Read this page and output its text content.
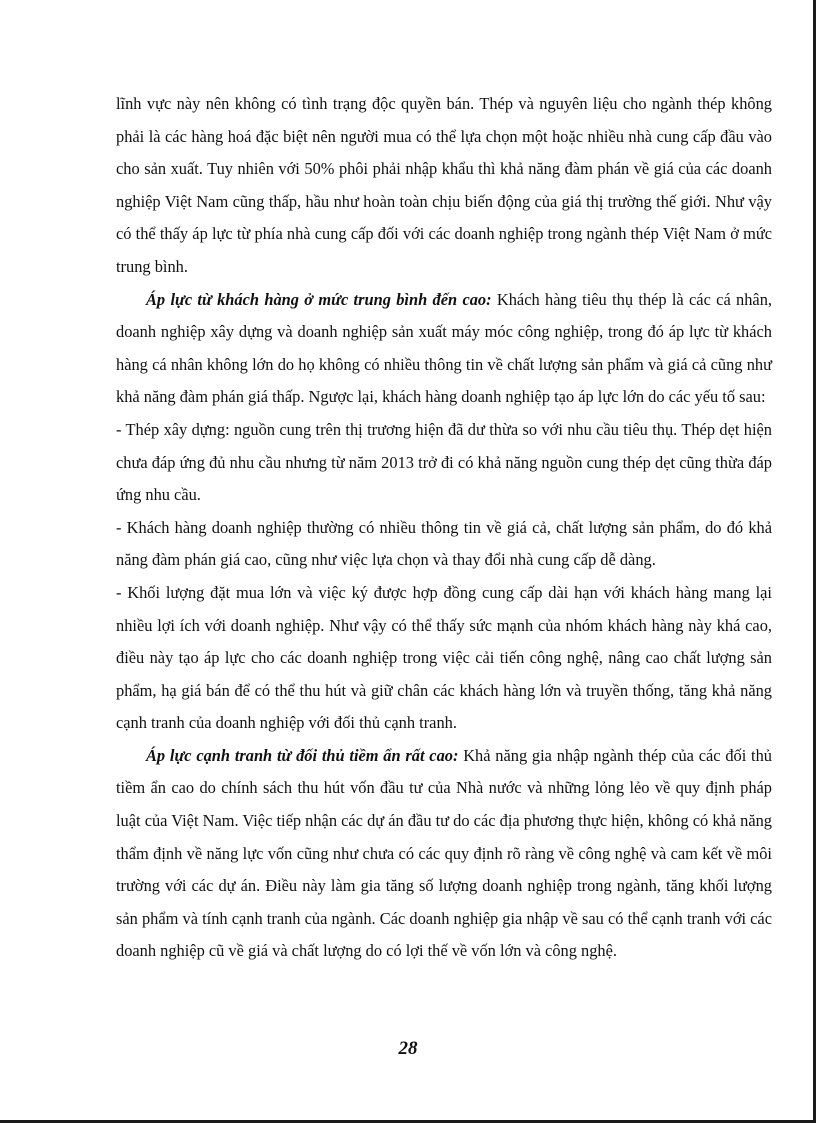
lĩnh vực này nên không có tình trạng độc quyền bán. Thép và nguyên liệu cho ngành thép không phải là các hàng hoá đặc biệt nên người mua có thể lựa chọn một hoặc nhiều nhà cung cấp đầu vào cho sản xuất. Tuy nhiên với 50% phôi phải nhập khẩu thì khả năng đàm phán về giá của các doanh nghiệp Việt Nam cũng thấp, hầu như hoàn toàn chịu biến động của giá thị trường thế giới. Như vậy có thể thấy áp lực từ phía nhà cung cấp đối với các doanh nghiệp trong ngành thép Việt Nam ở mức trung bình.

Áp lực từ khách hàng ở mức trung bình đến cao: Khách hàng tiêu thụ thép là các cá nhân, doanh nghiệp xây dựng và doanh nghiệp sản xuất máy móc công nghiệp, trong đó áp lực từ khách hàng cá nhân không lớn do họ không có nhiều thông tin về chất lượng sản phẩm và giá cả cũng như khả năng đàm phán giá thấp. Ngược lại, khách hàng doanh nghiệp tạo áp lực lớn do các yếu tố sau:

- Thép xây dựng: nguồn cung trên thị trương hiện đã dư thừa so với nhu cầu tiêu thụ. Thép dẹt hiện chưa đáp ứng đủ nhu cầu nhưng từ năm 2013 trở đi có khả năng nguồn cung thép dẹt cũng thừa đáp ứng nhu cầu.

- Khách hàng doanh nghiệp thường có nhiều thông tin về giá cả, chất lượng sản phẩm, do đó khả năng đàm phán giá cao, cũng như việc lựa chọn và thay đổi nhà cung cấp dễ dàng.

- Khối lượng đặt mua lớn và việc ký được hợp đồng cung cấp dài hạn với khách hàng mang lại nhiều lợi ích với doanh nghiệp. Như vậy có thể thấy sức mạnh của nhóm khách hàng này khá cao, điều này tạo áp lực cho các doanh nghiệp trong việc cải tiến công nghệ, nâng cao chất lượng sản phẩm, hạ giá bán để có thể thu hút và giữ chân các khách hàng lớn và truyền thống, tăng khả năng cạnh tranh của doanh nghiệp với đối thủ cạnh tranh.

Áp lực cạnh tranh từ đối thủ tiềm ẩn rất cao: Khả năng gia nhập ngành thép của các đối thủ tiềm ẩn cao do chính sách thu hút vốn đầu tư của Nhà nước và những lỏng lẻo về quy định pháp luật của Việt Nam. Việc tiếp nhận các dự án đầu tư do các địa phương thực hiện, không có khả năng thẩm định về năng lực vốn cũng như chưa có các quy định rõ ràng về công nghệ và cam kết về môi trường với các dự án. Điều này làm gia tăng số lượng doanh nghiệp trong ngành, tăng khối lượng sản phẩm và tính cạnh tranh của ngành. Các doanh nghiệp gia nhập về sau có thể cạnh tranh với các doanh nghiệp cũ về giá và chất lượng do có lợi thế về vốn lớn và công nghệ.

28
